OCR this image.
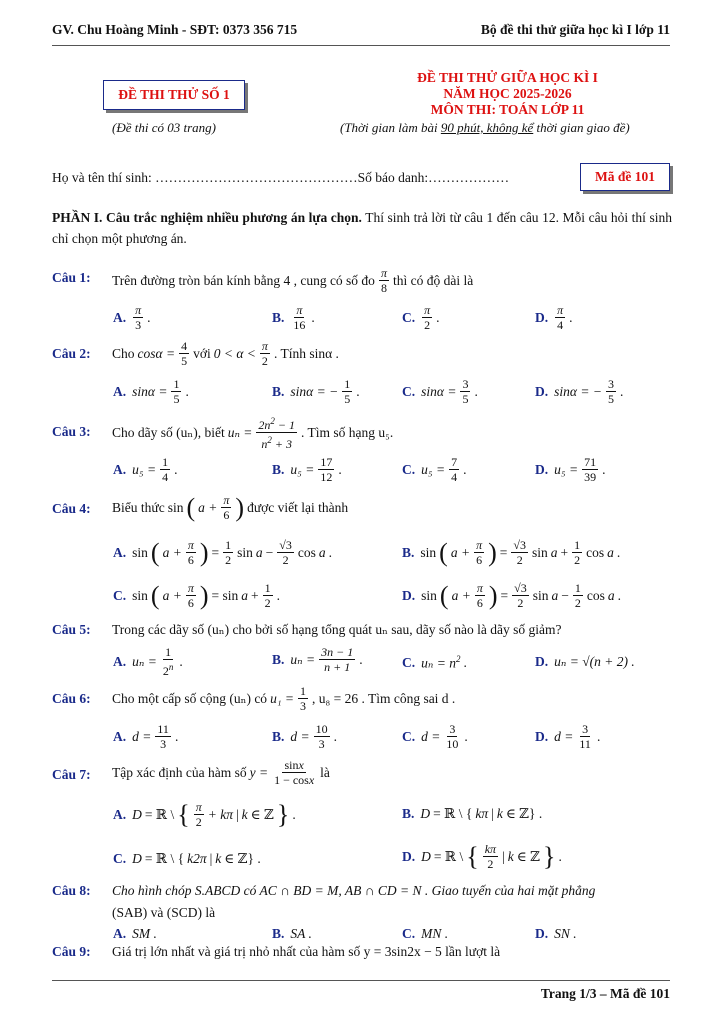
GV. Chu Hoàng Minh - SĐT: 0373 356 715	Bộ đề thi thử giữa học kì I lớp 11
ĐỀ THI THỬ SỐ 1
(Đề thi có 03 trang)
ĐỀ THI THỬ GIỮA HỌC KÌ I
NĂM HỌC 2025-2026
MÔN THI: TOÁN LỚP 11
(Thời gian làm bài 90 phút, không kể thời gian giao đề)
Họ và tên thí sinh: ………………………………………Số báo danh:………………	Mã đề 101
PHẦN I. Câu trắc nghiệm nhiều phương án lựa chọn. Thí sinh trả lời từ câu 1 đến câu 12. Mỗi câu hỏi thí sinh chỉ chọn một phương án.
Câu 1: Trên đường tròn bán kính bằng 4 , cung có số đo $\frac{\pi}{8}$ thì có độ dài là
A. $\frac{\pi}{3}$ .	B. $\frac{\pi}{16}$ .	C. $\frac{\pi}{2}$ .	D. $\frac{\pi}{4}$ .
Câu 2: Cho $\cos\alpha = \frac{4}{5}$ với $0 < \alpha < \frac{\pi}{2}$ . Tính sinα .
A. $\sin\alpha = \frac{1}{5}$ .	B. sinα = − $\frac{1}{5}$ .	C. $\sin\alpha = \frac{3}{5}$ .	D. sinα = − $\frac{3}{5}$ .
Câu 3: Cho dãy số (uₙ), biết $u_n = \frac{2n^2 - 1}{n^2 + 3}$ . Tìm số hạng u₅.
A. $u_5 = \frac{1}{4}$ .	B. $u_5 = \frac{17}{12}$ .	C. $u_5 = \frac{7}{4}$ .	D. $u_5 = \frac{71}{39}$ .
Câu 4: Biểu thức sin ( $a + \frac{\pi}{6}$ ) được viết lại thành
A. sin ( $a + \frac{\pi}{6}$ ) = $\frac{1}{2}$ $\sin a - \frac{√3}{2}$ cos a .	B. sin ( $a + \frac{\pi}{6}$ ) = $\frac{√3}{2}$ $\sin a + \frac{1}{2}$ cos a .
C. sin ( $a + \frac{\pi}{6}$ ) = $\sin a + \frac{1}{2}$ .	D. sin ( $a + \frac{\pi}{6}$ ) = $\frac{√3}{2}$ $\sin a - \frac{1}{2}$ cos a .
Câu 5: Trong các dãy số (uₙ) cho bởi số hạng tổng quát uₙ sau, dãy số nào là dãy số giảm?
A. $u_n = \frac{1}{2^n}$ .	B. $u_n = \frac{3n - 1}{n + 1}$ .	C. $u_n = n^2$ .	D. uₙ = √(n + 2) .
Câu 6: Cho một cấp số cộng (uₙ) có $u_1 = \frac{1}{3}$ , u₈ = 26 . Tìm công sai d .
A. $d = \frac{11}{3}$ .	B. $d = \frac{10}{3}$ .	C. $d = \frac{3}{10}$ .	D. $d = \frac{3}{11}$ .
Câu 7: Tập xác định của hàm số $y = \frac{\sin x}{1 - \cos x}$ là
A. D = ℝ \ { $\frac{\pi}{2} + k\pi$ | k ∈ ℤ } .	B. D = ℝ \ { kπ | k ∈ ℤ} .
C. D = ℝ \ { k2π | k ∈ ℤ} .	D. D = ℝ \ { $\frac{k\pi}{2}$ | k ∈ ℤ } .
Câu 8: Cho hình chóp S.ABCD có AC ∩ BD = M, AB ∩ CD = N . Giao tuyến của hai mặt phẳng
(SAB) và (SCD) là
A. SM .	B. SA .	C. MN .	D. SN .
Câu 9: Giá trị lớn nhất và giá trị nhỏ nhất của hàm số y = 3sin2x − 5 lần lượt là
Trang 1/3 – Mã đề 101
